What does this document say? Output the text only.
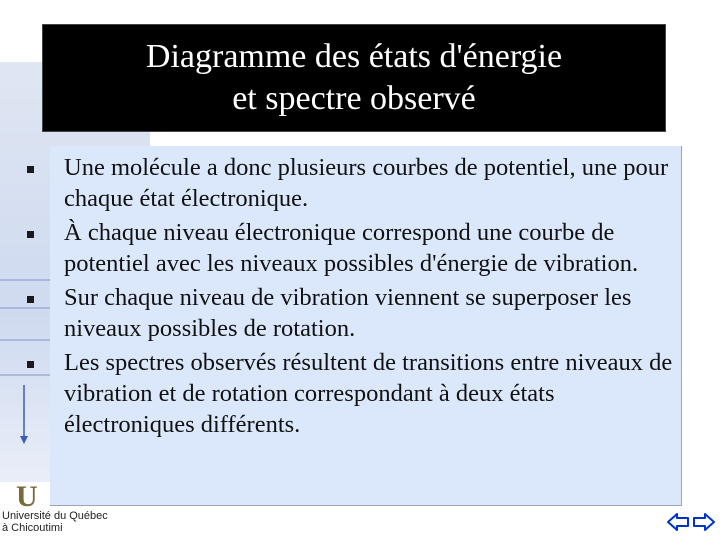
U
Université du Québec
à Chicoutimi
Diagramme des états d'énergie
et spectre observé
Une molécule a donc plusieurs courbes de potentiel, une pour chaque état électronique.
À chaque niveau électronique correspond une courbe de potentiel avec les niveaux possibles d'énergie de vibration.
Sur chaque niveau de vibration viennent se superposer les niveaux possibles de rotation.
Les spectres observés résultent de transitions entre niveaux de vibration et de rotation correspondant à deux états électroniques différents.
